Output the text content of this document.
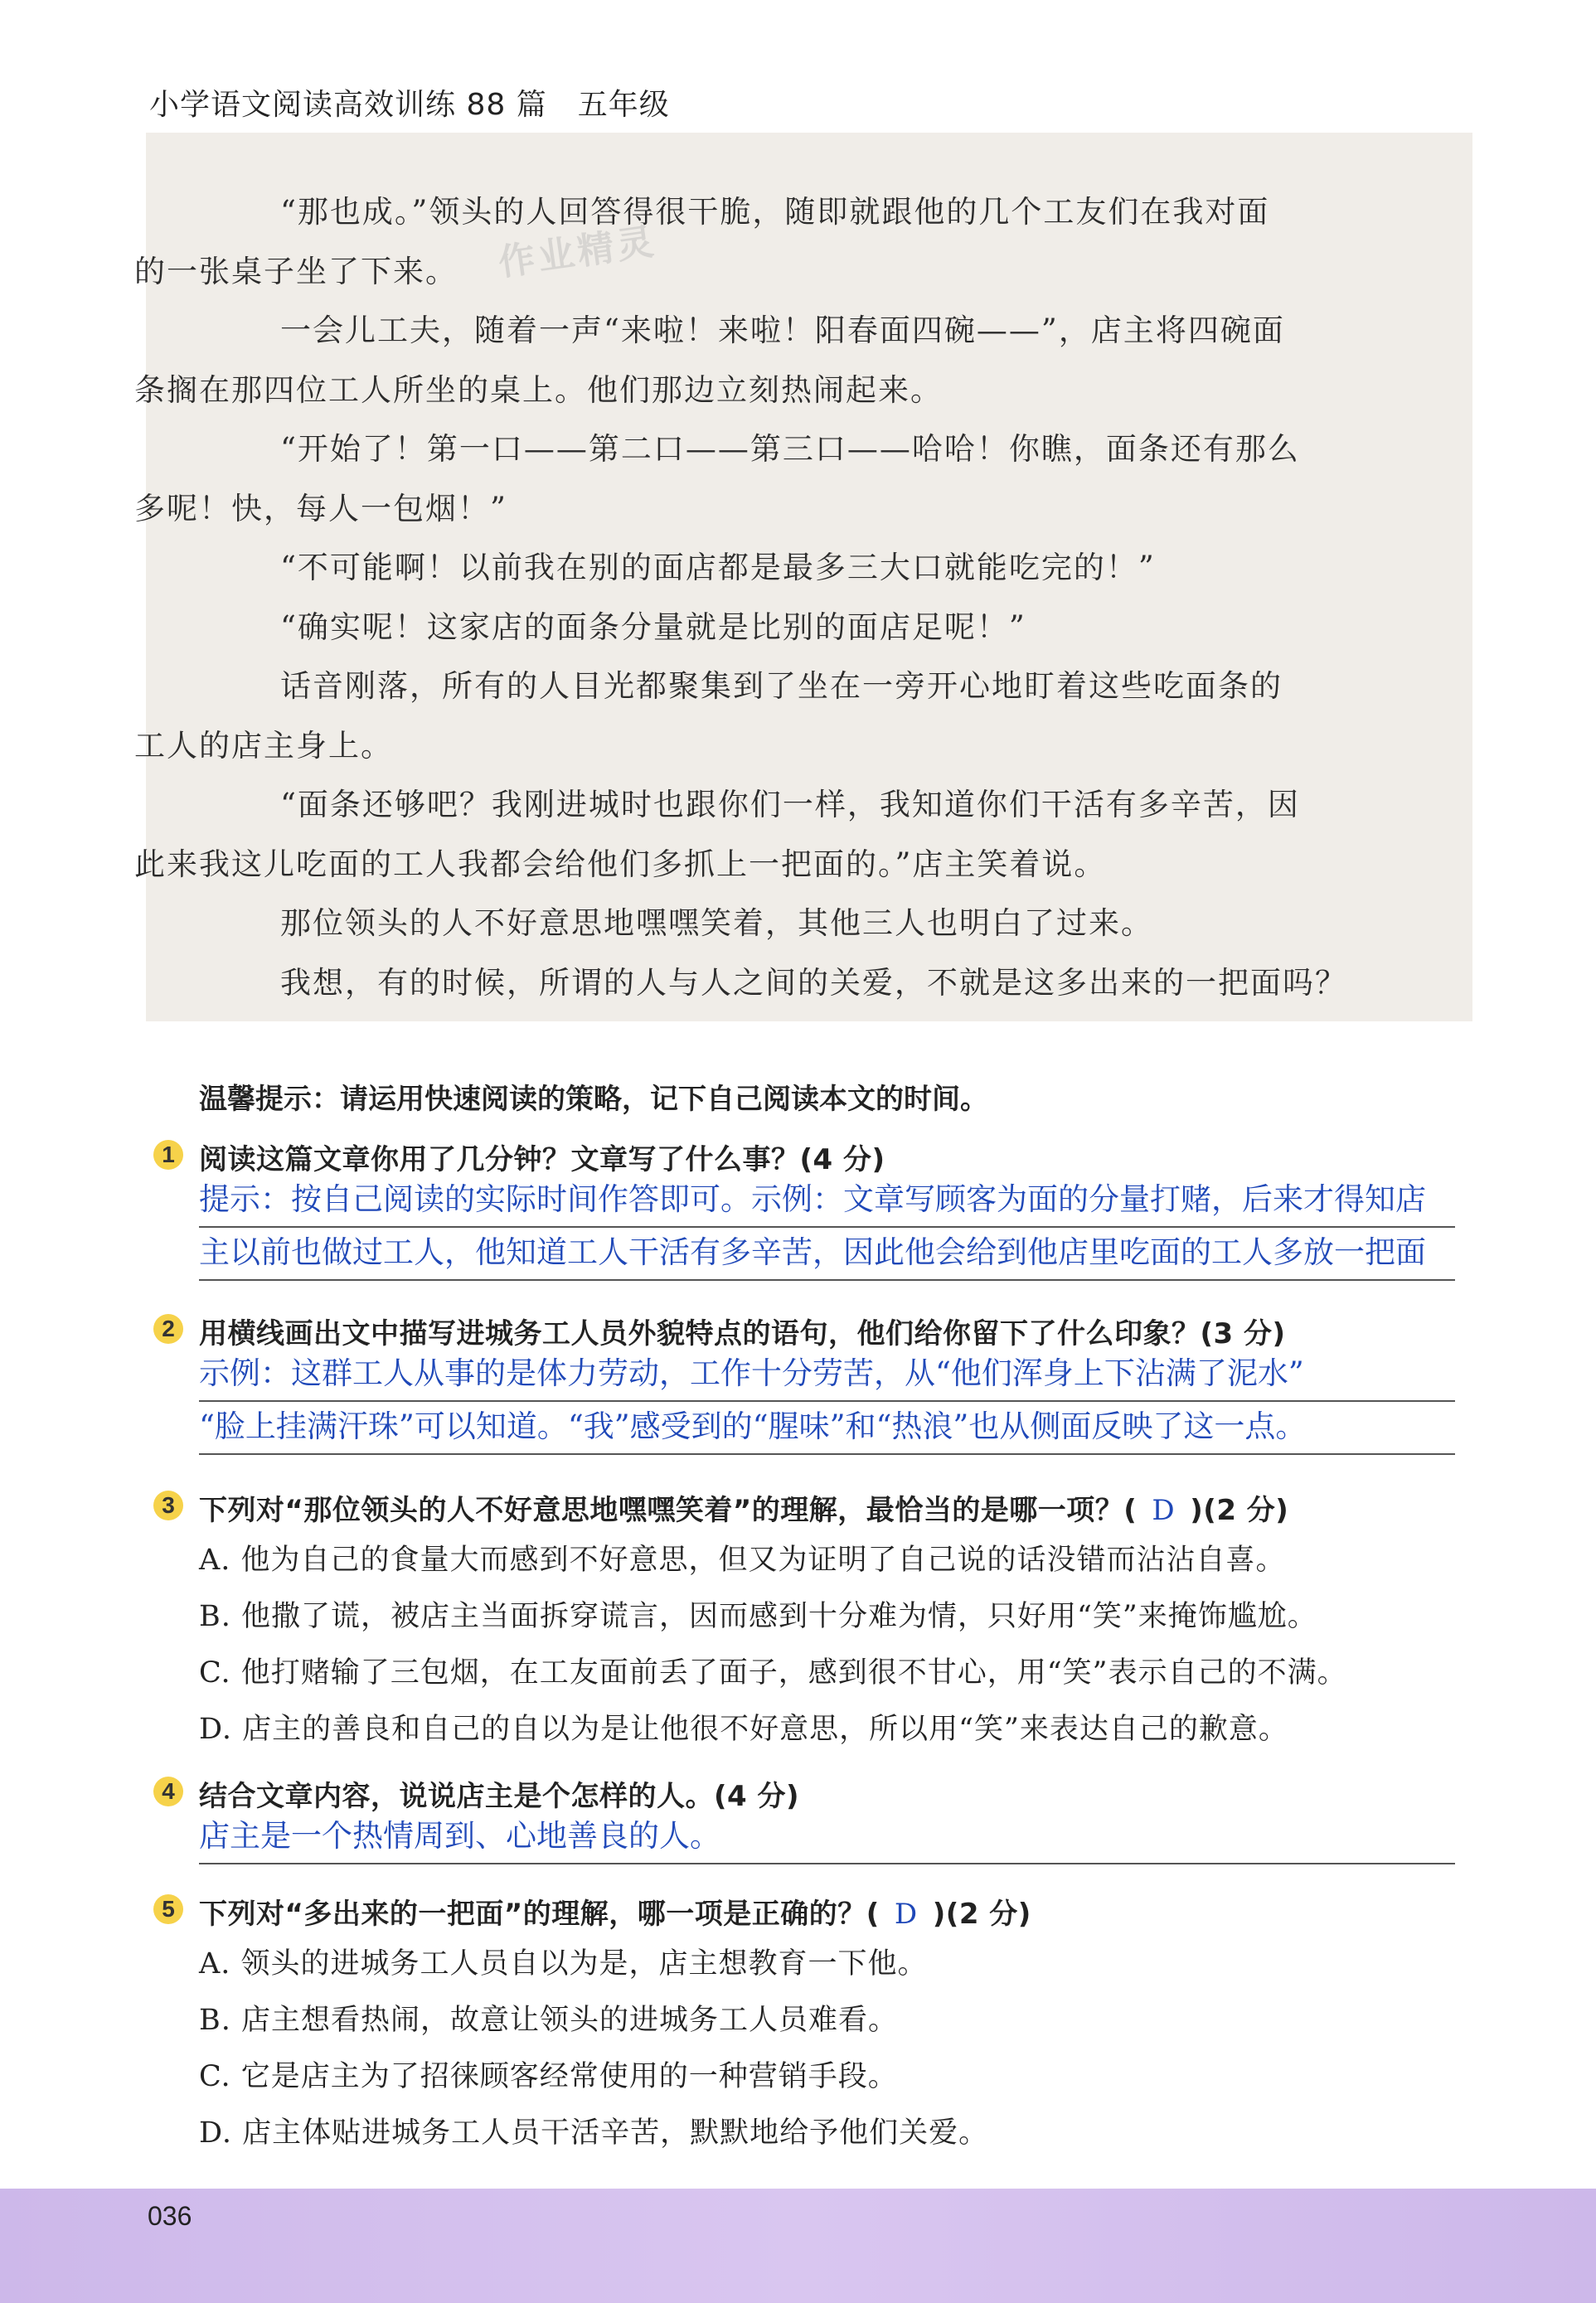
小学语文阅读高效训练 88 篇　五年级
作业精灵

“那也成。”领头的人回答得很干脆，随即就跟他的几个工友们在我对面

的一张桌子坐了下来。

一会儿工夫，随着一声“来啦！来啦！阳春面四碗——”，店主将四碗面

条搁在那四位工人所坐的桌上。他们那边立刻热闹起来。

“开始了！第一口——第二口——第三口——哈哈！你瞧，面条还有那么

多呢！快，每人一包烟！”

“不可能啊！以前我在别的面店都是最多三大口就能吃完的！”

“确实呢！这家店的面条分量就是比别的面店足呢！”

话音刚落，所有的人目光都聚集到了坐在一旁开心地盯着这些吃面条的

工人的店主身上。

“面条还够吧？我刚进城时也跟你们一样，我知道你们干活有多辛苦，因

此来我这儿吃面的工人我都会给他们多抓上一把面的。”店主笑着说。

那位领头的人不好意思地嘿嘿笑着，其他三人也明白了过来。

我想，有的时候，所谓的人与人之间的关爱，不就是这多出来的一把面吗？

温馨提示：请运用快速阅读的策略，记下自己阅读本文的时间。
1 阅读这篇文章你用了几分钟？文章写了什么事？(4 分)
提示：按自己阅读的实际时间作答即可。示例：文章写顾客为面的分量打赌，后来才得知店
主以前也做过工人，他知道工人干活有多辛苦，因此他会给到他店里吃面的工人多放一把面
2 用横线画出文中描写进城务工人员外貌特点的语句，他们给你留下了什么印象？(3 分)
示例：这群工人从事的是体力劳动，工作十分劳苦，从“他们浑身上下沾满了泥水”
“脸上挂满汗珠”可以知道。“我”感受到的“腥味”和“热浪”也从侧面反映了这一点。
3 下列对“那位领头的人不好意思地嘿嘿笑着”的理解，最恰当的是哪一项？( D )(2 分)
A. 他为自己的食量大而感到不好意思，但又为证明了自己说的话没错而沾沾自喜。
B. 他撒了谎，被店主当面拆穿谎言，因而感到十分难为情，只好用“笑”来掩饰尴尬。
C. 他打赌输了三包烟，在工友面前丢了面子，感到很不甘心，用“笑”表示自己的不满。
D. 店主的善良和自己的自以为是让他很不好意思，所以用“笑”来表达自己的歉意。
4 结合文章内容，说说店主是个怎样的人。(4 分)
店主是一个热情周到、心地善良的人。
5 下列对“多出来的一把面”的理解，哪一项是正确的？( D )(2 分)
A. 领头的进城务工人员自以为是，店主想教育一下他。
B. 店主想看热闹，故意让领头的进城务工人员难看。
C. 它是店主为了招徕顾客经常使用的一种营销手段。
D. 店主体贴进城务工人员干活辛苦，默默地给予他们关爱。
036
